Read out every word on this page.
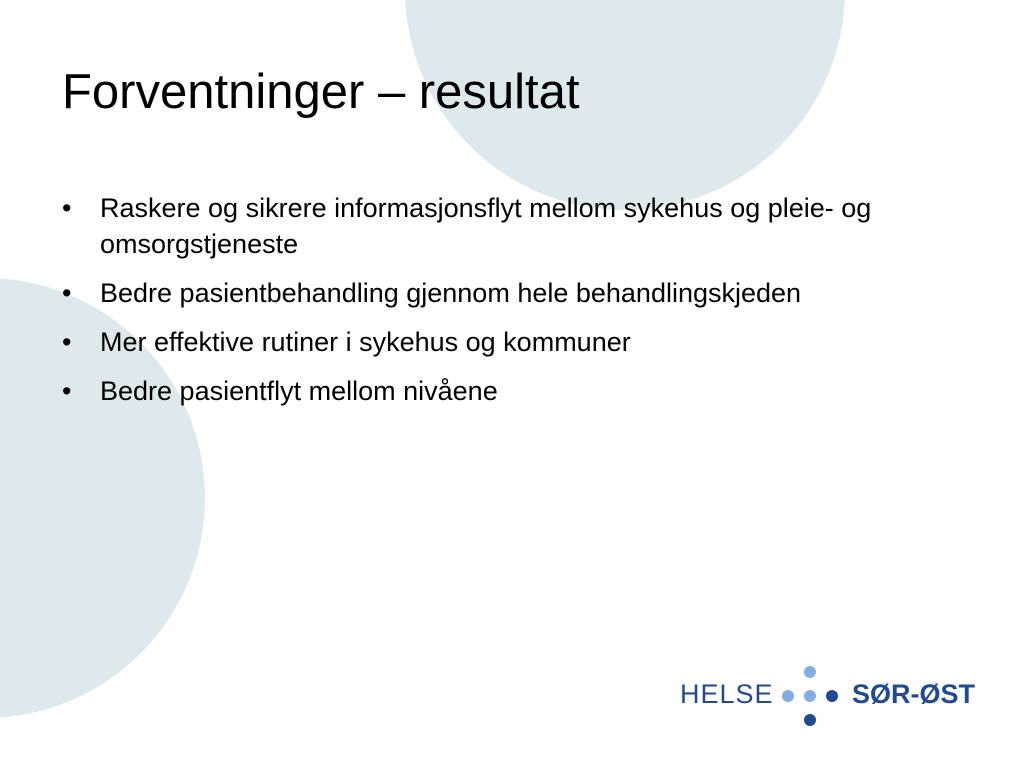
Forventninger – resultat
• Raskere og sikrere informasjonsflyt mellom sykehus og pleie- og omsorgstjeneste
• Bedre pasientbehandling gjennom hele behandlingskjeden
• Mer effektive rutiner i sykehus og kommuner
• Bedre pasientflyt mellom nivåene
HELSE	SØR-ØST
